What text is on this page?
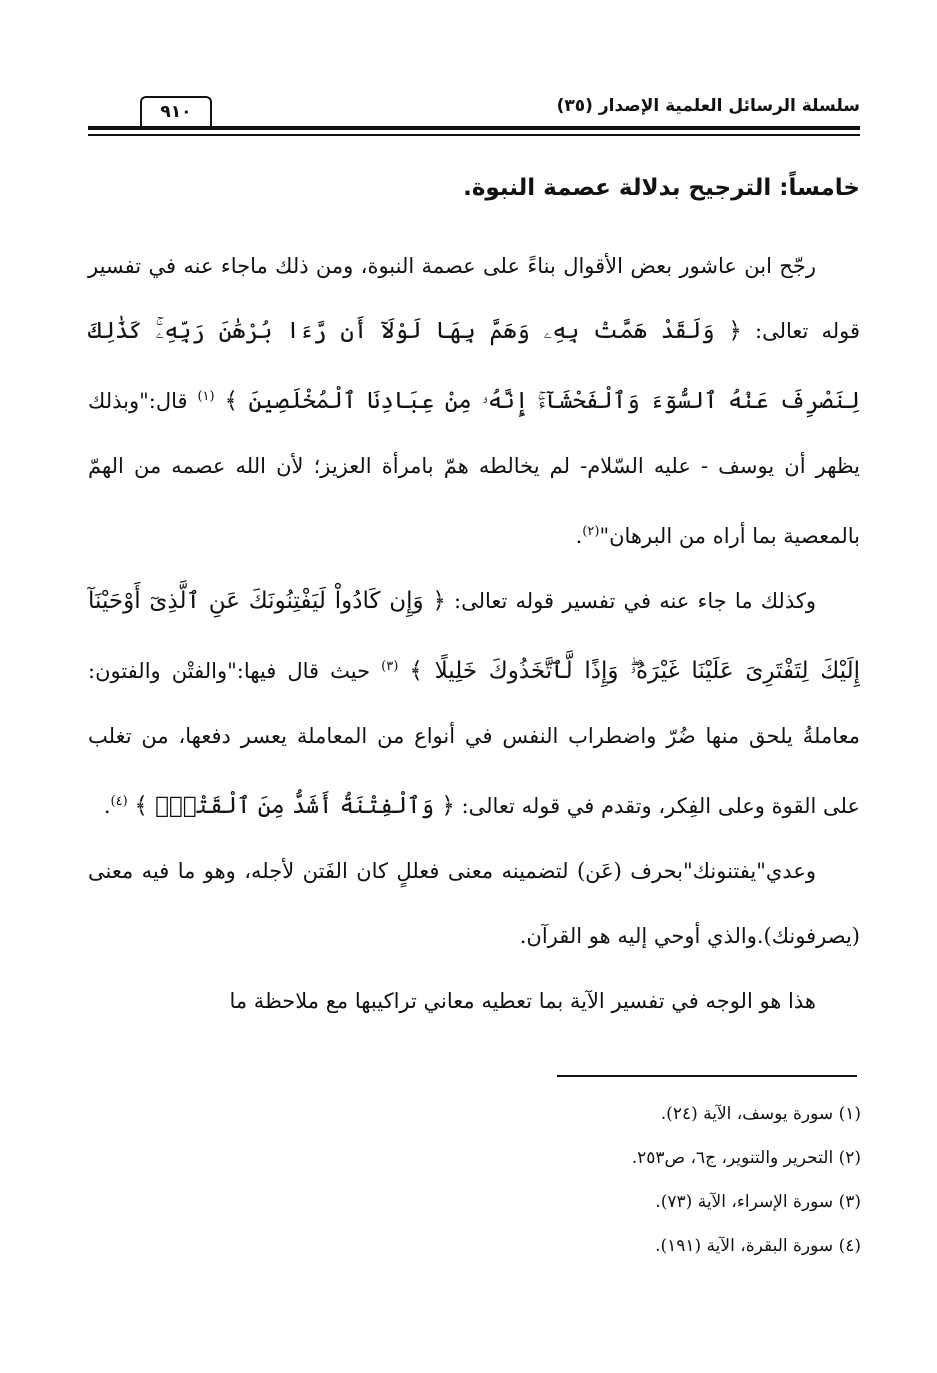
سلسلة الرسائل العلمية الإصدار (٣٥)
٩١٠

خامساً: الترجيح بدلالة عصمة النبوة.

رجّح ابن عاشور بعض الأقوال بناءً على عصمة النبوة، ومن ذلك ماجاء عنه في تفسير قوله تعالى: ﴿ وَلَقَدْ هَمَّتْ بِهِۦ وَهَمَّ بِهَا لَوْلَآ أَن رَّءَا بُرْهَٰنَ رَبِّهِۦۚ كَذَٰلِكَ لِنَصْرِفَ عَنْهُ ٱلسُّوٓءَ وَٱلْفَحْشَآءَۚ إِنَّهُۥ مِنْ عِبَادِنَا ٱلْمُخْلَصِينَ ﴾ $^{(١)}$ قال:"وبذلك يظهر أن يوسف - عليه السّلام- لم يخالطه همّ بامرأة العزيز؛ لأن الله عصمه من الهمّ بالمعصية بما أراه من البرهان"$^{(٢)}$.

وكذلك ما جاء عنه في تفسير قوله تعالى: ﴿ وَإِن كَادُواْ لَيَفْتِنُونَكَ عَنِ ٱلَّذِىٓ أَوْحَيْنَآ إِلَيْكَ لِتَفْتَرِىَ عَلَيْنَا غَيْرَهُۥۖ وَإِذًا لَّٱتَّخَذُوكَ خَلِيلًا ﴾ $^{(٣)}$ حيث قال فيها:"والفتْن والفتون: معاملةُ يلحق منها ضُرّ واضطراب النفس في أنواع من المعاملة يعسر دفعها، من تغلب على القوة وعلى الفِكر، وتقدم في قوله تعالى: ﴿ وَٱلْفِتْنَةُ أَشَدُّ مِنَ ٱلْقَتْلِۚ ﴾ $^{(٤)}$.

وعدي"يفتنونك"بحرف (عَن) لتضمينه معنى فعللٍ كان الفَتن لأجله، وهو ما فيه معنى (يصرفونك).والذي أوحي إليه هو القرآن.

هذا هو الوجه في تفسير الآية بما تعطيه معاني تراكيبها مع ملاحظة ما

(١) سورة يوسف، الآية (٢٤).

(٢) التحرير والتنوير، ج٦، ص٢٥٣.

(٣) سورة الإسراء، الآية (٧٣).

(٤) سورة البقرة، الآية (١٩١).
